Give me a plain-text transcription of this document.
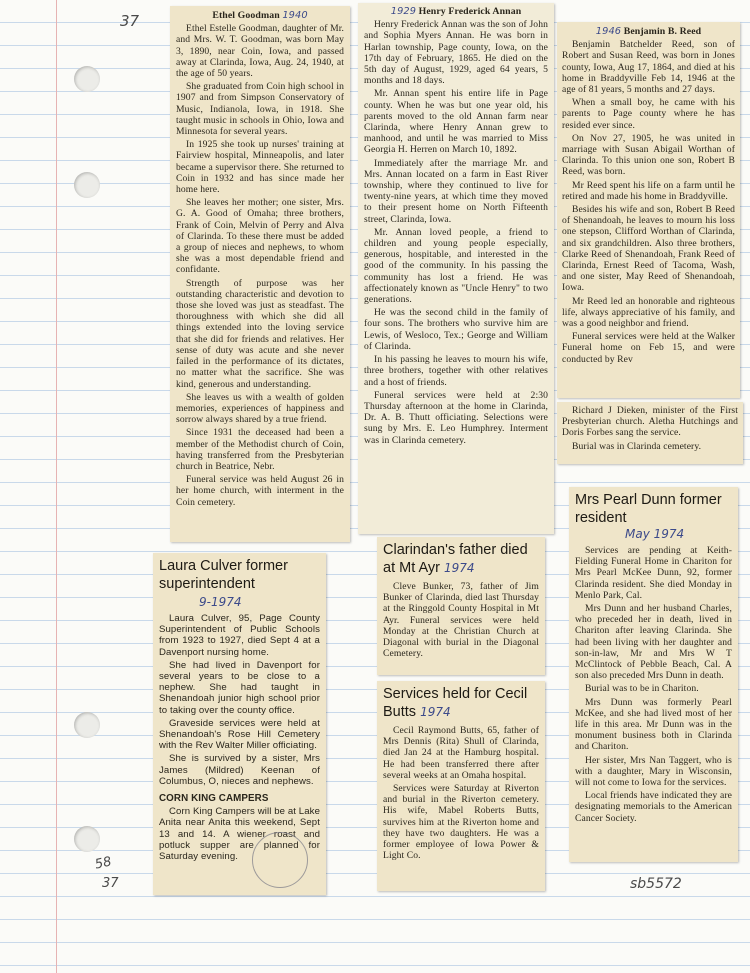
37	Ethel Goodman 1940

Ethel Estelle Goodman, daughter of Mr. and Mrs. W. T. Goodman, was born May 3, 1890, near Coin, Iowa, and passed away at Clarinda, Iowa, Aug. 24, 1940, at the age of 50 years.

She graduated from Coin high school in 1907 and from Simpson Conservatory of Music, Indianola, Iowa, in 1918. She taught music in schools in Ohio, Iowa and Minnesota for several years.

In 1925 she took up nurses' training at Fairview hospital, Minneapolis, and later became a supervisor there. She returned to Coin in 1932 and has since made her home here.

She leaves her mother; one sister, Mrs. G. A. Good of Omaha; three brothers, Frank of Coin, Melvin of Perry and Alva of Clarinda. To these there must be added a group of nieces and nephews, to whom she was a most dependable friend and confidante.

Strength of purpose was her outstanding characteristic and devotion to those she loved was just as steadfast. The thoroughness with which she did all things extended into the loving service that she did for friends and relatives. Her sense of duty was acute and she never failed in the performance of its dictates, no matter what the sacrifice. She was kind, generous and understanding.

She leaves us with a wealth of golden memories, experiences of happiness and sorrow always shared by a true friend.

Since 1931 the deceased had been a member of the Methodist church of Coin, having transferred from the Presbyterian church in Beatrice, Nebr.

Funeral service was held August 26 in her home church, with interment in the Coin cemetery.

1929 Henry Frederick Annan

Henry Frederick Annan was the son of John and Sophia Myers Annan. He was born in Harlan township, Page county, Iowa, on the 17th day of February, 1865. He died on the 5th day of August, 1929, aged 64 years, 5 months and 18 days.

Mr. Annan spent his entire life in Page county. When he was but one year old, his parents moved to the old Annan farm near Clarinda, where Henry Annan grew to manhood, and until he was married to Miss Georgia H. Herren on March 10, 1892.

Immediately after the marriage Mr. and Mrs. Annan located on a farm in East River township, where they continued to live for twenty-nine years, at which time they moved to their present home on North Fifteenth street, Clarinda, Iowa.

Mr. Annan loved people, a friend to children and young people especially, generous, hospitable, and interested in the good of the community. In his passing the community has lost a friend. He was affectionately known as "Uncle Henry" to two generations.

He was the second child in the family of four sons. The brothers who survive him are Lewis, of Wesloco, Tex.; George and William of Clarinda.

In his passing he leaves to mourn his wife, three brothers, together with other relatives and a host of friends.

Funeral services were held at 2:30 Thursday afternoon at the home in Clarinda, Dr. A. B. Thutt officiating. Selections were sung by Mrs. E. Leo Humphrey. Interment was in Clarinda cemetery.

1946 Benjamin B. Reed

Benjamin Batchelder Reed, son of Robert and Susan Reed, was born in Jones county, Iowa, Aug 17, 1864, and died at his home in Braddyville Feb 14, 1946 at the age of 81 years, 5 months and 27 days.

When a small boy, he came with his parents to Page county where he has resided ever since.

On Nov 27, 1905, he was united in marriage with Susan Abigail Worthan of Clarinda. To this union one son, Robert B Reed, was born.

Mr Reed spent his life on a farm until he retired and made his home in Braddyville.

Besides his wife and son, Robert B Reed of Shenandoah, he leaves to mourn his loss one stepson, Clifford Worthan of Clarinda, and six grandchildren. Also three brothers, Clarke Reed of Shenandoah, Frank Reed of Clarinda, Ernest Reed of Tacoma, Wash, and one sister, May Reed of Shenandoah, Iowa.

Mr Reed led an honorable and righteous life, always appreciative of his family, and was a good neighbor and friend.

Funeral services were held at the Walker Funeral home on Feb 15, and were conducted by Rev

Richard J Dieken, minister of the First Presbyterian church. Aletha Hutchings and Doris Forbes sang the service.

Burial was in Clarinda cemetery.

Laura Culver former superintendent
9-1974

Laura Culver, 95, Page County Superintendent of Public Schools from 1923 to 1927, died Sept 4 at a Davenport nursing home.

She had lived in Davenport for several years to be close to a nephew. She had taught in Shenandoah junior high school prior to taking over the county office.

Graveside services were held at Shenandoah's Rose Hill Cemetery with the Rev Walter Miller officiating.

She is survived by a sister, Mrs James (Mildred) Keenan of Columbus, O, nieces and nephews.

CORN KING CAMPERS

Corn King Campers will be at Lake Anita near Anita this weekend, Sept 13 and 14. A wiener roast and potluck supper are planned for Saturday evening.

Clarindan's father died at Mt Ayr 1974

Cleve Bunker, 73, father of Jim Bunker of Clarinda, died last Thursday at the Ringgold County Hospital in Mt Ayr. Funeral services were held Monday at the Christian Church at Diagonal with burial in the Diagonal Cemetery.

Services held for Cecil Butts 1974

Cecil Raymond Butts, 65, father of Mrs Dennis (Rita) Shull of Clarinda, died Jan 24 at the Hamburg hospital. He had been transferred there after several weeks at an Omaha hospital.

Services were Saturday at Riverton and burial in the Riverton cemetery. His wife, Mabel Roberts Butts, survives him at the Riverton home and they have two daughters. He was a former employee of Iowa Power & Light Co.

Mrs Pearl Dunn former resident
May 1974

Services are pending at Keith-Fielding Funeral Home in Chariton for Mrs Pearl McKee Dunn, 92, former Clarinda resident. She died Monday in Menlo Park, Cal.

Mrs Dunn and her husband Charles, who preceded her in death, lived in Chariton after leaving Clarinda. She had been living with her daughter and son-in-law, Mr and Mrs W T McClintock of Pebble Beach, Cal. A son also preceded Mrs Dunn in death.

Burial was to be in Chariton.

Mrs Dunn was formerly Pearl McKee, and she had lived most of her life in this area. Mr Dunn was in the monument business both in Clarinda and Chariton.

Her sister, Mrs Nan Taggert, who is with a daughter, Mary in Wisconsin, will not come to Iowa for the services.

Local friends have indicated they are designating memorials to the American Cancer Society.

58
37	sb5572
